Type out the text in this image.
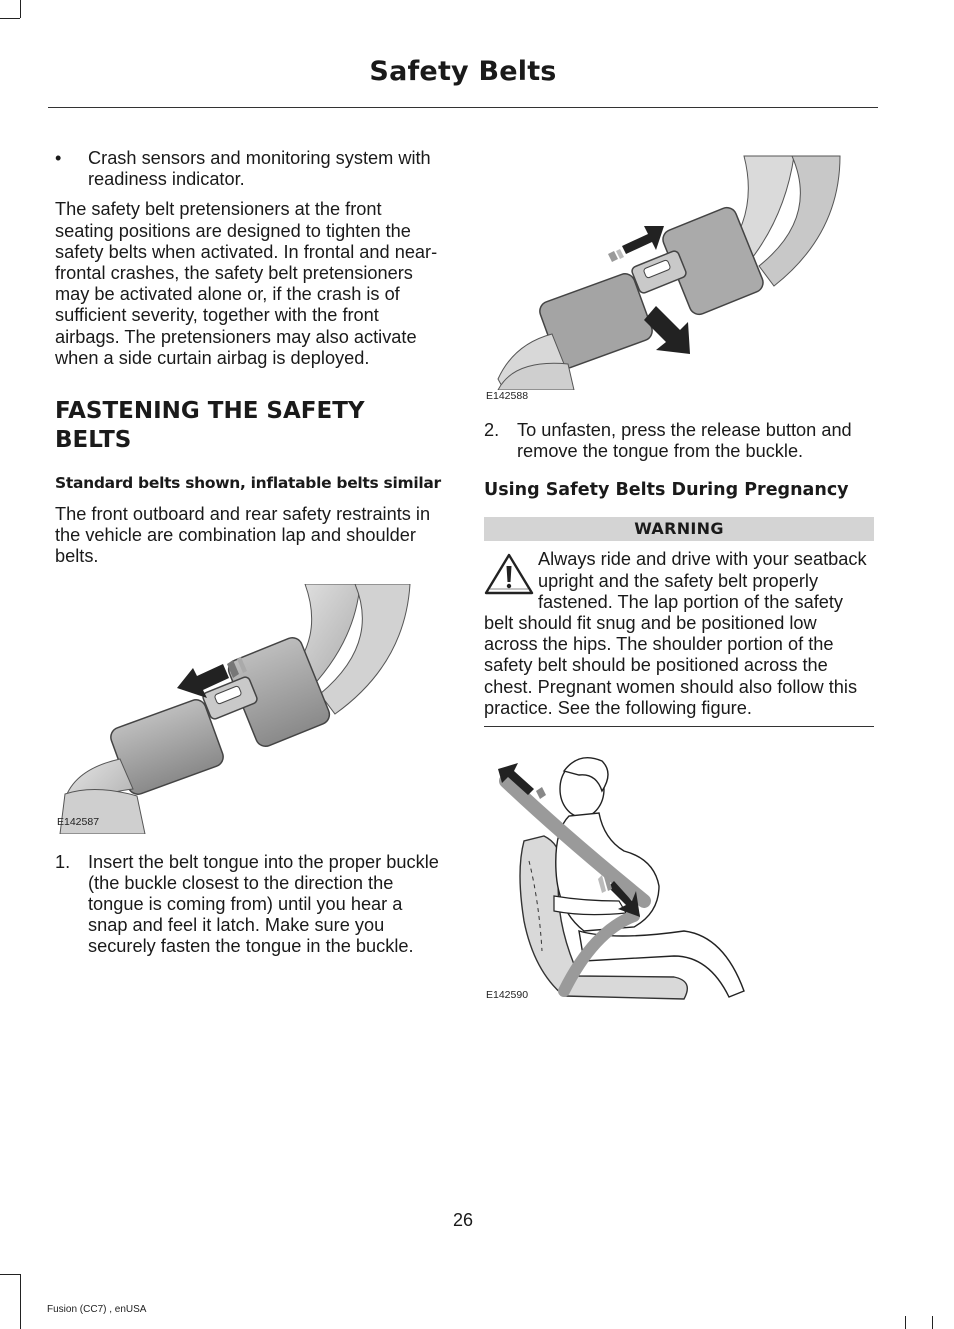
Safety Belts

• Crash sensors and monitoring system with readiness indicator.

The safety belt pretensioners at the front seating positions are designed to tighten the safety belts when activated. In frontal and near-frontal crashes, the safety belt pretensioners may be activated alone or, if the crash is of sufficient severity, together with the front airbags. The pretensioners may also activate when a side curtain airbag is deployed.

FASTENING THE SAFETY BELTS
Standard belts shown, inflatable belts similar

The front outboard and rear safety restraints in the vehicle are combination lap and shoulder belts.

E142587

1. Insert the belt tongue into the proper buckle (the buckle closest to the direction the tongue is coming from) until you hear a snap and feel it latch. Make sure you securely fasten the tongue in the buckle.

E142588

2. To unfasten, press the release button and remove the tongue from the buckle.

Using Safety Belts During Pregnancy
WARNING

Always ride and drive with your seatback upright and the safety belt properly fastened. The lap portion of the safety belt should fit snug and be positioned low across the hips. The shoulder portion of the safety belt should be positioned across the chest. Pregnant women should also follow this practice. See the following figure.

E142590
26
Fusion (CC7) , enUSA
